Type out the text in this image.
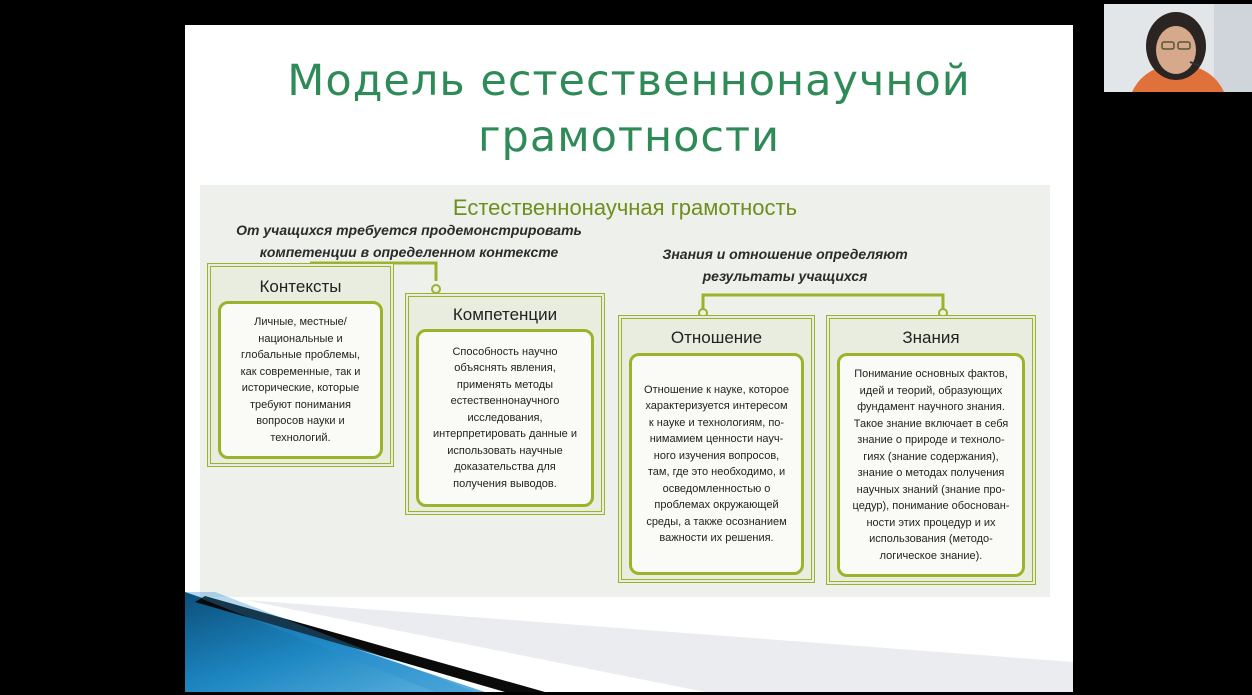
Модель естественнонаучной
грамотности
Естественнонаучная грамотность
От учащихся требуется продемонстрировать
компетенции в определенном контексте	Знания и отношение определяют
результаты учащихся
Контексты
Личные, местные/
национальные и
глобальные проблемы,
как современные, так и
исторические, которые
требуют понимания
вопросов науки и
технологий.
Компетенции
Способность научно
объяснять явления,
применять методы
естественнонаучного
исследования,
интерпретировать данные и
использовать научные
доказательства для
получения выводов.
Отношение
Отношение к науке, которое
характеризуется интересом
к науке и технологиям, по-
нимамием ценности науч-
ного изучения вопросов,
там, где это необходимо, и
осведомленностью о
проблемах окружающей
среды, а также осознанием
важности их решения.
Знания
Понимание основных фактов,
идей и теорий, образующих
фундамент научного знания.
Такое знание включает в себя
знание о природе и техноло-
гиях (знание содержания),
знание о методах получения
научных знаний (знание про-
цедур), понимание обоснован-
ности этих процедур и их
использования (методо-
логическое знание).
